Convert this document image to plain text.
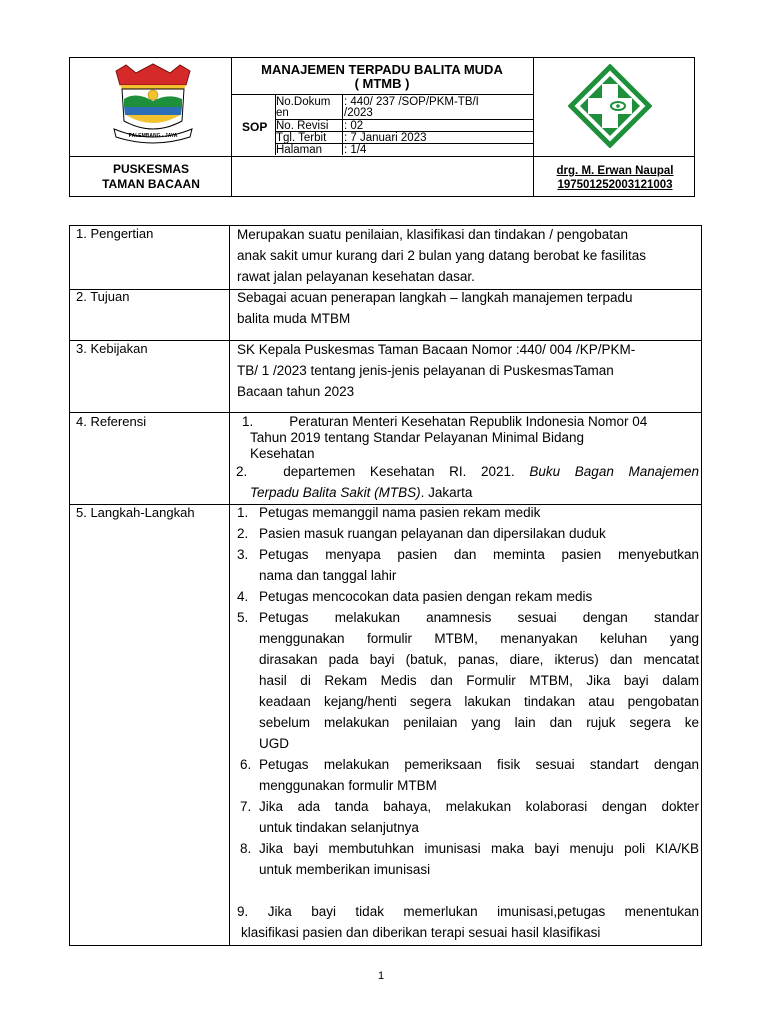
PALEMBANG - JAYA
MANAJEMEN TERPADU BALITA MUDA
( MTMB )
SOP
No.Dokum	: 440/ 237 /SOP/PKM-TB/I
en	/2023
No. Revisi	: 02
Tgl. Terbit	: 7 Januari 2023
Halaman	: 1/4
PUSKESMAS
TAMAN BACAAN
drg. M. Erwan Naupal
197501252003121003
1. Pengertian	Merupakan suatu penilaian, klasifikasi dan tindakan / pengobatan
anak sakit umur kurang dari 2 bulan yang datang berobat ke fasilitas
rawat jalan pelayanan kesehatan dasar.
2. Tujuan	Sebagai acuan penerapan langkah – langkah manajemen terpadu
balita muda MTBM
3. Kebijakan	SK Kepala Puskesmas Taman Bacaan Nomor :440/ 004 /KP/PKM-
TB/ 1 /2023 tentang jenis-jenis pelayanan di PuskesmasTaman
Bacaan tahun 2023
4. Referensi	1.	Peraturan Menteri Kesehatan Republik Indonesia Nomor 04
Tahun 2019 tentang Standar Pelayanan Minimal Bidang
Kesehatan
2.	departemen Kesehatan RI. 2021. Buku Bagan Manajemen
Terpadu Balita Sakit (MTBS). Jakarta
5. Langkah-Langkah	1. Petugas memanggil nama pasien rekam medik
2. Pasien masuk ruangan pelayanan dan dipersilakan duduk
3. Petugas menyapa pasien dan meminta pasien menyebutkan
nama dan tanggal lahir
4. Petugas mencocokan data pasien dengan rekam medis
5. Petugas melakukan anamnesis sesuai dengan standar
menggunakan formulir MTBM, menanyakan keluhan yang
dirasakan pada bayi (batuk, panas, diare, ikterus) dan mencatat
hasil di Rekam Medis dan Formulir MTBM, Jika bayi dalam
keadaan kejang/henti segera lakukan tindakan atau pengobatan
sebelum melakukan penilaian yang lain dan rujuk segera ke
UGD
6. Petugas melakukan pemeriksaan fisik sesuai standart dengan
menggunakan formulir MTBM
7. Jika ada tanda bahaya, melakukan kolaborasi dengan dokter
untuk tindakan selanjutnya
8. Jika bayi membutuhkan imunisasi maka bayi menuju poli KIA/KB
untuk memberikan imunisasi
9. Jika bayi tidak memerlukan imunisasi,petugas menentukan
klasifikasi pasien dan diberikan terapi sesuai hasil klasifikasi
1
